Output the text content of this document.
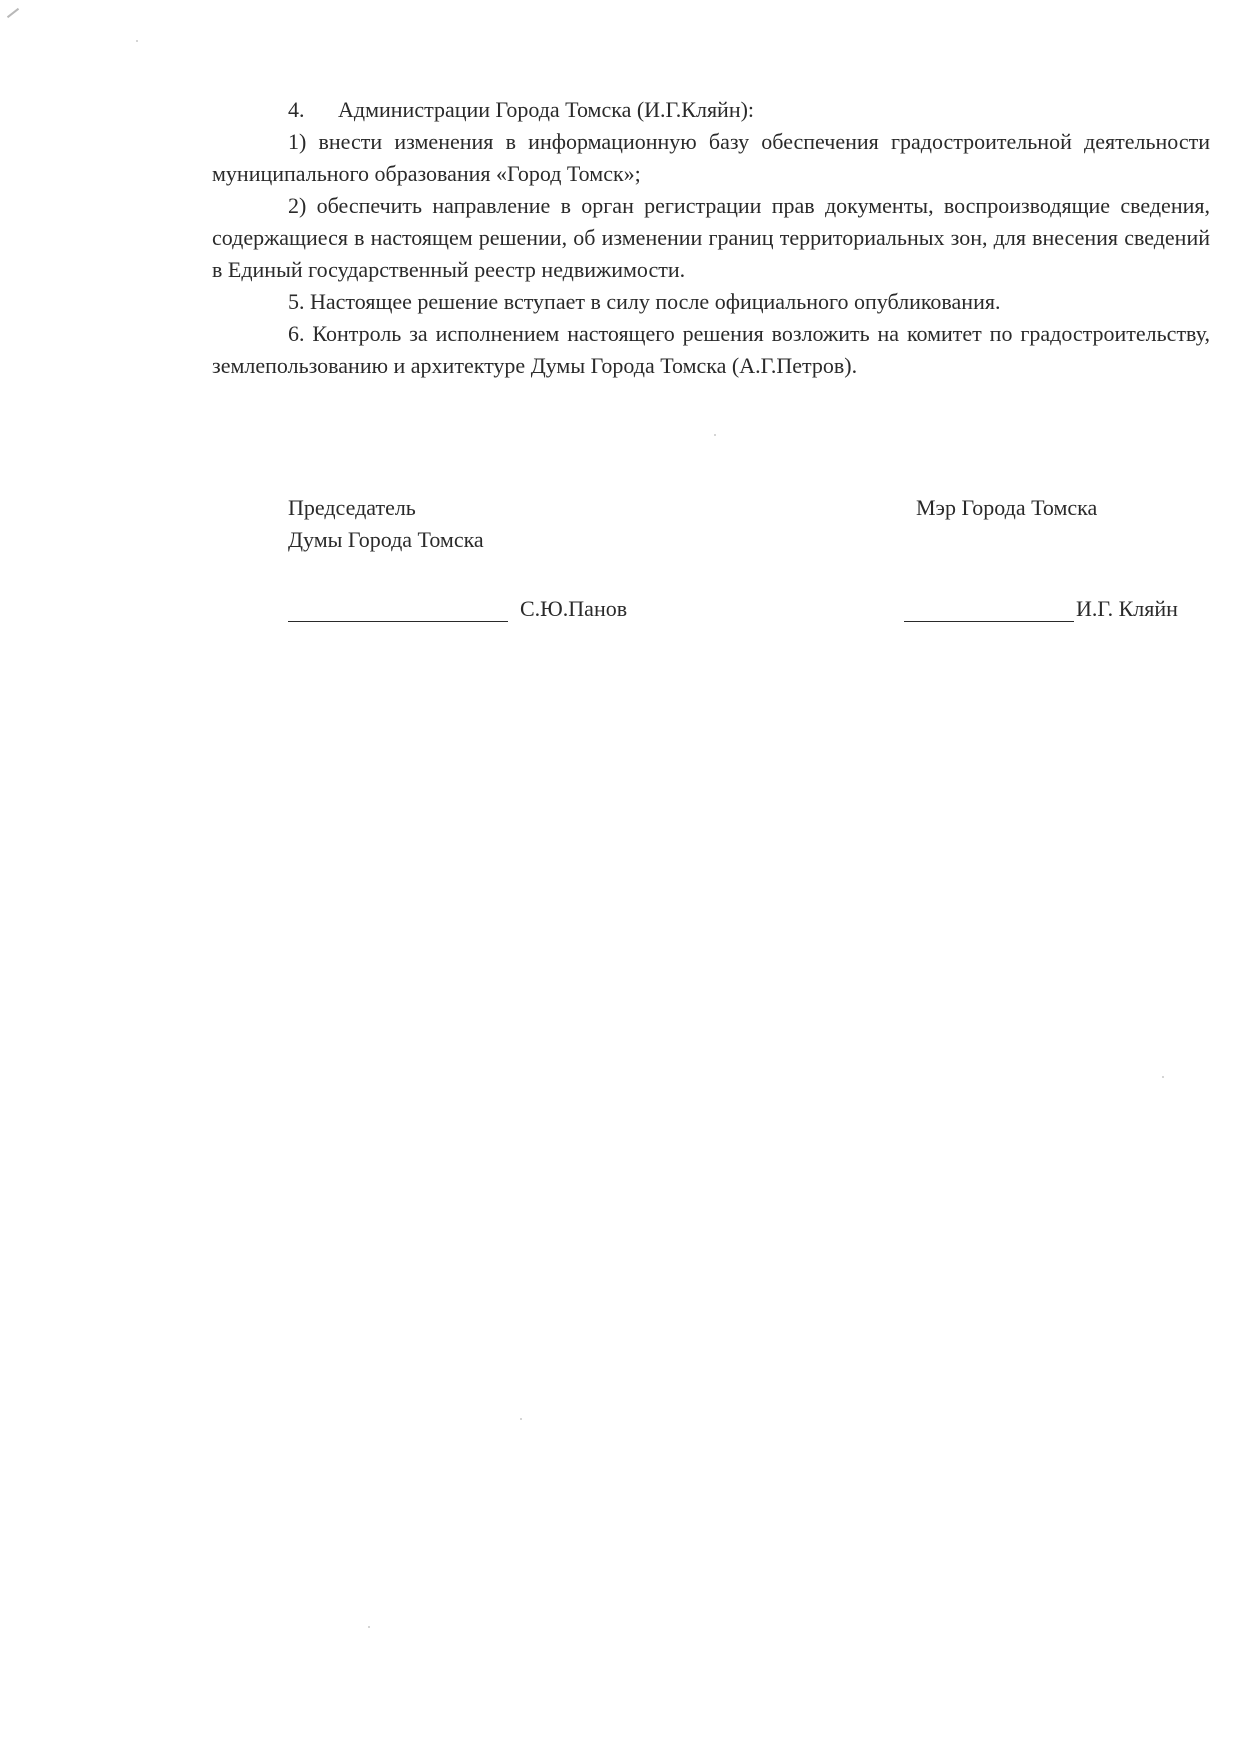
4.	Администрации Города Томска (И.Г.Кляйн):

1) внести изменения в информационную базу обеспечения градостроительной деятельности муниципального образования «Город Томск»;

2) обеспечить направление в орган регистрации прав документы, воспроизводящие сведения, содержащиеся в настоящем решении, об изменении границ территориальных зон, для внесения сведений в Единый государственный реестр недвижимости.

5. Настоящее решение вступает в силу после официального опубликования.

6. Контроль за исполнением настоящего решения возложить на комитет по градостроительству, землепользованию и архитектуре Думы Города Томска (А.Г.Петров).

Председатель
Думы Города Томска
Мэр Города Томска
С.Ю.Панов	И.Г. Кляйн
